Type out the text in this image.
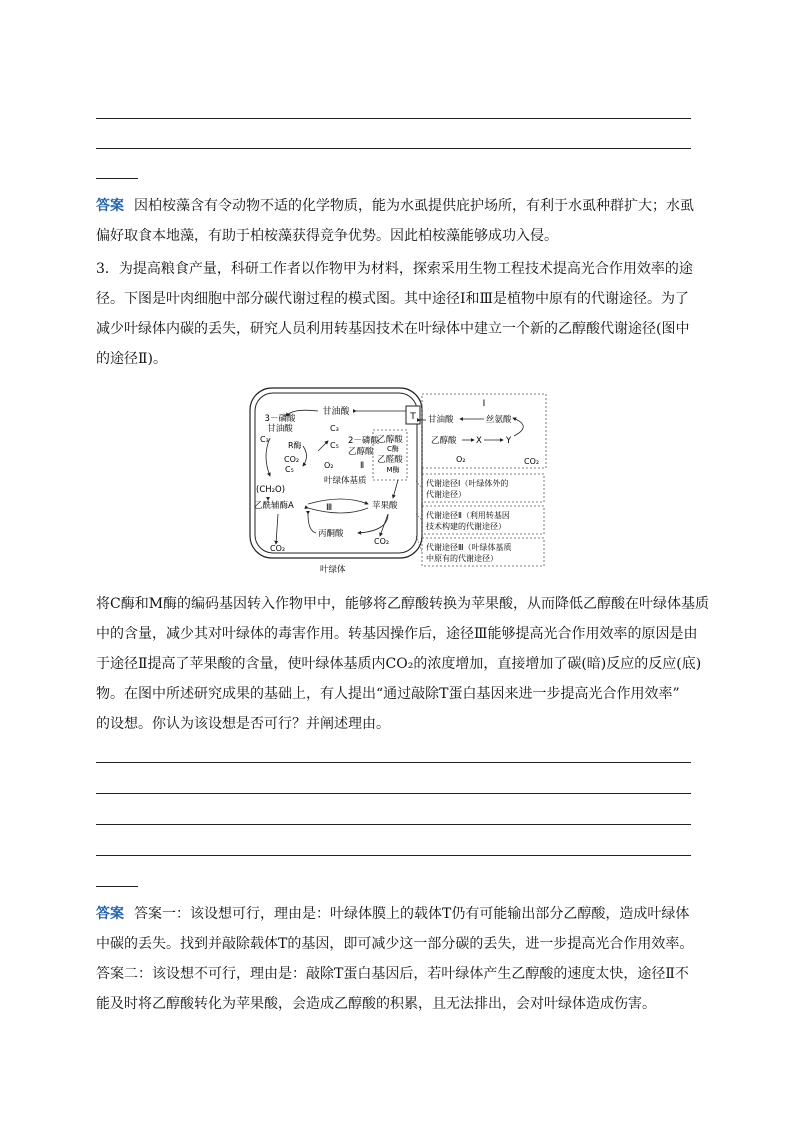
答案 因柏桉藻含有令动物不适的化学物质，能为水虱提供庇护场所，有利于水虱种群扩大；水虱
偏好取食本地藻，有助于柏桉藻获得竞争优势。因此柏桉藻能够成功入侵。
3．为提高粮食产量，科研工作者以作物甲为材料，探索采用生物工程技术提高光合作用效率的途
径。下图是叶肉细胞中部分碳代谢过程的模式图。其中途径Ⅰ和Ⅲ是植物中原有的代谢途径。为了
减少叶绿体内碳的丢失，研究人员利用转基因技术在叶绿体中建立一个新的乙醇酸代谢途径(图中
的途径Ⅱ)。
T
甘油酸
3－磷酸
甘油酸
C₃
R酶
C₃
CO₂
C₅
C₅ 2－磷酸
乙醇酸
O₂	Ⅱ
乙醇酸
C酶
乙醛酸
M酶
叶绿体基质
(CH₂O)
乙酰辅酶A	Ⅲ	苹果酸
丙酮酸
CO₂
CO₂
叶绿体
Ⅰ
甘油酸	丝氨酸
乙醇酸 X	Y
O₂	CO₂
代谢途径Ⅰ（叶绿体外的
代谢途径）
代谢途径Ⅱ（利用转基因
技术构建的代谢途径）
代谢途径Ⅲ（叶绿体基质
中原有的代谢途径）
将C酶和M酶的编码基因转入作物甲中，能够将乙醇酸转换为苹果酸，从而降低乙醇酸在叶绿体基质
中的含量，减少其对叶绿体的毒害作用。转基因操作后，途径Ⅲ能够提高光合作用效率的原因是由
于途径Ⅱ提高了苹果酸的含量，使叶绿体基质内CO₂的浓度增加，直接增加了碳(暗)反应的反应(底)
物。在图中所述研究成果的基础上，有人提出“通过敲除T蛋白基因来进一步提高光合作用效率”
的设想。你认为该设想是否可行？并阐述理由。
答案 答案一：该设想可行，理由是：叶绿体膜上的载体T仍有可能输出部分乙醇酸，造成叶绿体
中碳的丢失。找到并敲除载体T的基因，即可减少这一部分碳的丢失，进一步提高光合作用效率。
答案二：该设想不可行，理由是：敲除T蛋白基因后，若叶绿体产生乙醇酸的速度太快，途径Ⅱ不
能及时将乙醇酸转化为苹果酸，会造成乙醇酸的积累，且无法排出，会对叶绿体造成伤害。
